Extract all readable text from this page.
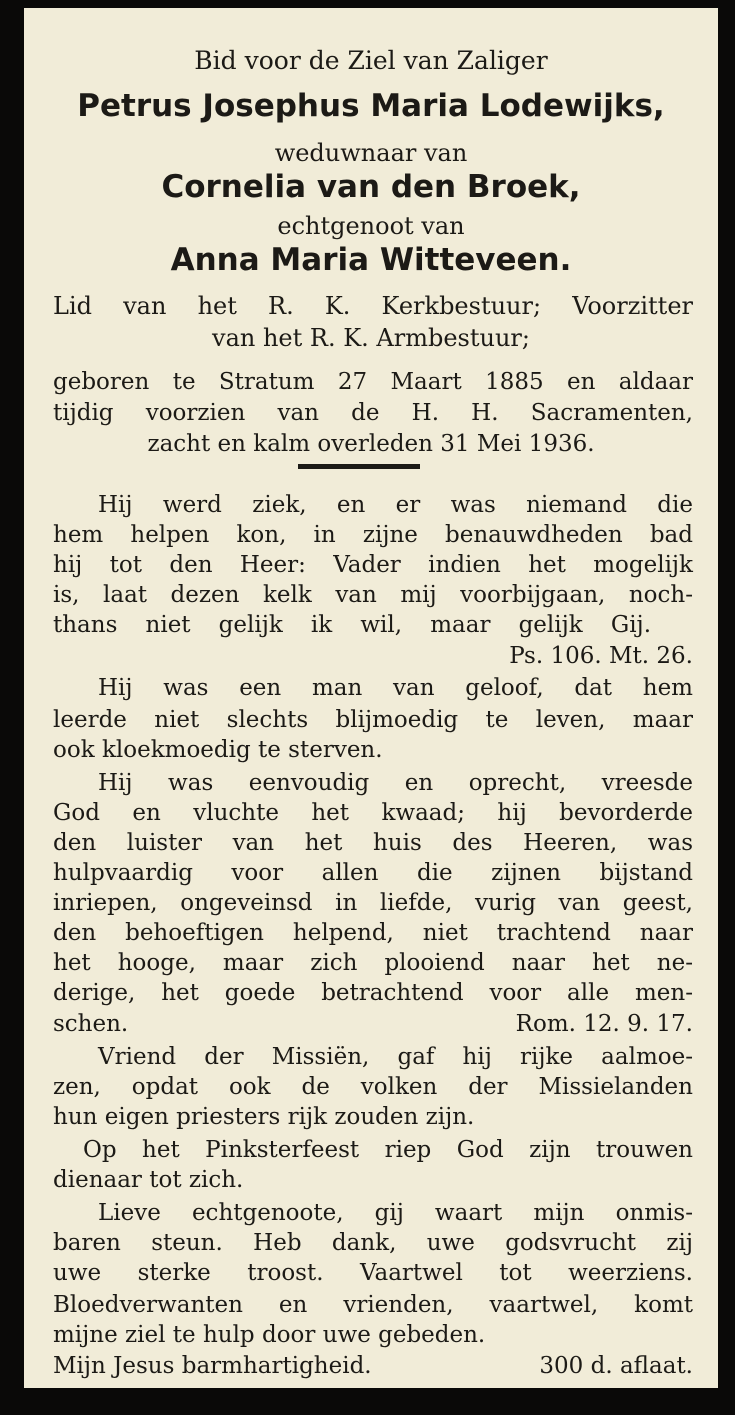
Bid voor de Ziel van Zaliger
Petrus Josephus Maria Lodewijks,
weduwnaar van
Cornelia van den Broek,
echtgenoot van
Anna Maria Witteveen.
Lid van het R. K. Kerkbestuur; Voorzitter
van het R. K. Armbestuur;
geboren te Stratum 27 Maart 1885 en aldaar
tijdig voorzien van de H. H. Sacramenten,
zacht en kalm overleden 31 Mei 1936.
Hij werd ziek, en er was niemand die
hem helpen kon, in zijne benauwdheden bad
hij tot den Heer: Vader indien het mogelijk
is, laat dezen kelk van mij voorbijgaan, noch-
thans niet gelijk ik wil, maar gelijk Gij.
Ps. 106. Mt. 26.
Hij was een man van geloof, dat hem
leerde niet slechts blijmoedig te leven, maar
ook kloekmoedig te sterven.
Hij was eenvoudig en oprecht, vreesde
God en vluchte het kwaad; hij bevorderde
den luister van het huis des Heeren, was
hulpvaardig voor allen die zijnen bijstand
inriepen, ongeveinsd in liefde, vurig van geest,
den behoeftigen helpend, niet trachtend naar
het hooge, maar zich plooiend naar het ne-
derige, het goede betrachtend voor alle men-
schen.	Rom. 12. 9. 17.
Vriend der Missiën, gaf hij rijke aalmoe-
zen, opdat ook de volken der Missielanden
hun eigen priesters rijk zouden zijn.
Op het Pinksterfeest riep God zijn trouwen
dienaar tot zich.
Lieve echtgenoote, gij waart mijn onmis-
baren steun. Heb dank, uwe godsvrucht zij
uwe sterke troost. Vaartwel tot weerziens.
Bloedverwanten en vrienden, vaartwel, komt
mijne ziel te hulp door uwe gebeden.
Mijn Jesus barmhartigheid.	300 d. aflaat.
